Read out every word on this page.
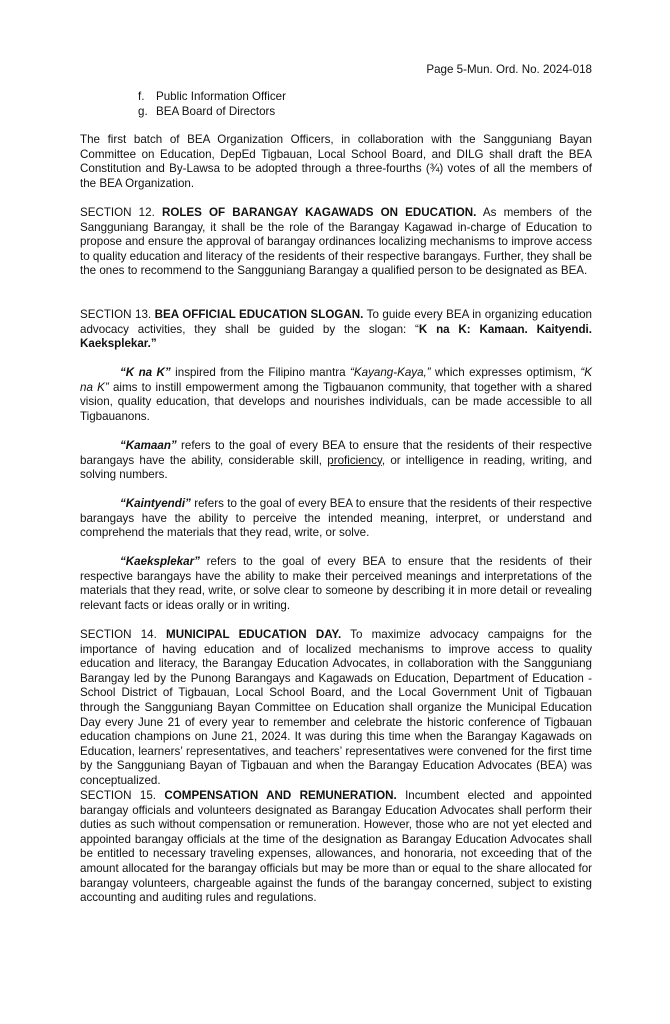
Page 5-Mun. Ord. No. 2024-018
f. Public Information Officer
g. BEA Board of Directors

The first batch of BEA Organization Officers, in collaboration with the Sangguniang Bayan Committee on Education, DepEd Tigbauan, Local School Board, and DILG shall draft the BEA Constitution and By-Lawsa to be adopted through a three-fourths (¾) votes of all the members of the BEA Organization.

SECTION 12. ROLES OF BARANGAY KAGAWADS ON EDUCATION. As members of the Sangguniang Barangay, it shall be the role of the Barangay Kagawad in-charge of Education to propose and ensure the approval of barangay ordinances localizing mechanisms to improve access to quality education and literacy of the residents of their respective barangays. Further, they shall be the ones to recommend to the Sangguniang Barangay a qualified person to be designated as BEA.

SECTION 13. BEA OFFICIAL EDUCATION SLOGAN. To guide every BEA in organizing education advocacy activities, they shall be guided by the slogan: “K na K: Kamaan. Kaityendi. Kaeksplekar.”

“K na K” inspired from the Filipino mantra “Kayang-Kaya,” which expresses optimism, “K na K” aims to instill empowerment among the Tigbauanon community, that together with a shared vision, quality education, that develops and nourishes individuals, can be made accessible to all Tigbauanons.

“Kamaan” refers to the goal of every BEA to ensure that the residents of their respective barangays have the ability, considerable skill, proficiency, or intelligence in reading, writing, and solving numbers.

“Kaintyendi” refers to the goal of every BEA to ensure that the residents of their respective barangays have the ability to perceive the intended meaning, interpret, or understand and comprehend the materials that they read, write, or solve.

“Kaeksplekar” refers to the goal of every BEA to ensure that the residents of their respective barangays have the ability to make their perceived meanings and interpretations of the materials that they read, write, or solve clear to someone by describing it in more detail or revealing relevant facts or ideas orally or in writing.

SECTION 14. MUNICIPAL EDUCATION DAY. To maximize advocacy campaigns for the importance of having education and of localized mechanisms to improve access to quality education and literacy, the Barangay Education Advocates, in collaboration with the Sangguniang Barangay led by the Punong Barangays and Kagawads on Education, Department of Education - School District of Tigbauan, Local School Board, and the Local Government Unit of Tigbauan through the Sangguniang Bayan Committee on Education shall organize the Municipal Education Day every June 21 of every year to remember and celebrate the historic conference of Tigbauan education champions on June 21, 2024. It was during this time when the Barangay Kagawads on Education, learners’ representatives, and teachers’ representatives were convened for the first time by the Sangguniang Bayan of Tigbauan and when the Barangay Education Advocates (BEA) was conceptualized.

SECTION 15. COMPENSATION AND REMUNERATION. Incumbent elected and appointed barangay officials and volunteers designated as Barangay Education Advocates shall perform their duties as such without compensation or remuneration. However, those who are not yet elected and appointed barangay officials at the time of the designation as Barangay Education Advocates shall be entitled to necessary traveling expenses, allowances, and honoraria, not exceeding that of the amount allocated for the barangay officials but may be more than or equal to the share allocated for barangay volunteers, chargeable against the funds of the barangay concerned, subject to existing accounting and auditing rules and regulations.
